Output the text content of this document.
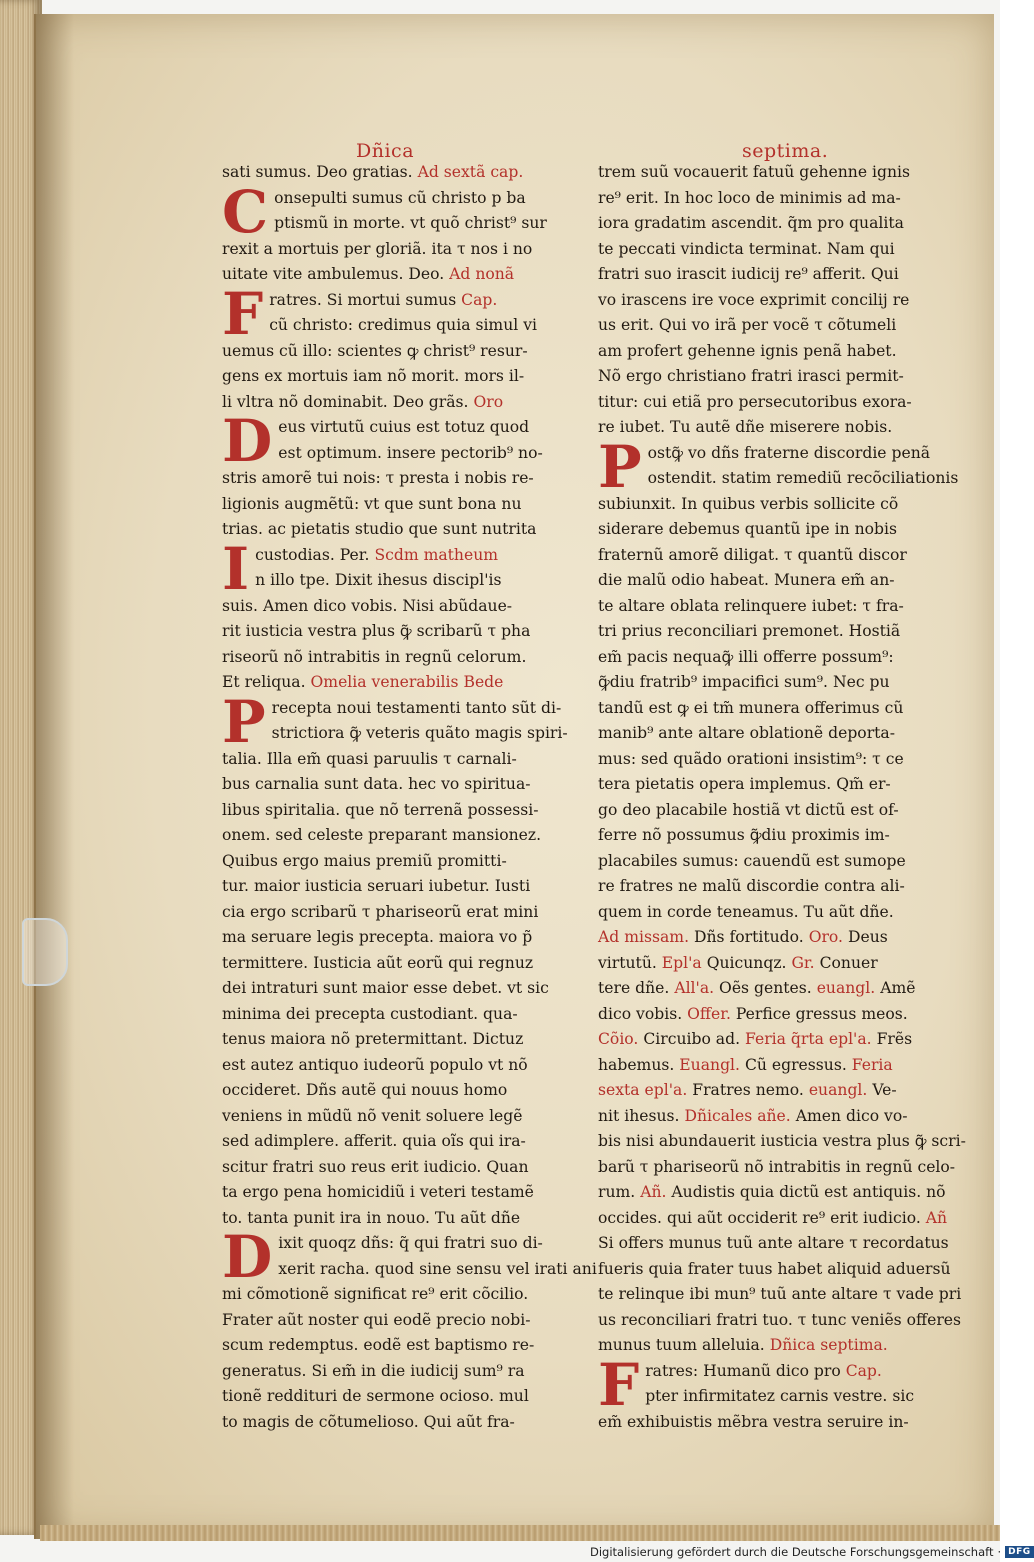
Dñica	septima.
sati sumus. Deo gratias. Ad sextã cap.
Consepulti sumus cũ christo p ba
ptismũ in morte. vt quõ christ⁹ sur
rexit a mortuis per gloriã. ita τ nos i no
uitate vite ambulemus. Deo. Ad nonã
Fratres. Si mortui sumus Cap.
cũ christo: credimus quia simul vi
uemus cũ illo: scientes ꝙ christ⁹ resur-
gens ex mortuis iam nõ morit. mors il-
li vltra nõ dominabit. Deo grãs. Oro
Deus virtutũ cuius est totuz quod
est optimum. insere pectorib⁹ no-
stris amorẽ tui nois: τ presta i nobis re-
ligionis augmẽtũ: vt que sunt bona nu
trias. ac pietatis studio que sunt nutrita
Icustodias. Per. Scdm matheum
n illo tpe. Dixit ihesus discipl'is
suis. Amen dico vobis. Nisi abũdaue-
rit iusticia vestra plus ꝙ̃ scribarũ τ pha
riseorũ nõ intrabitis in regnũ celorum.
Et reliqua. Omelia venerabilis Bede
Precepta noui testamenti tanto sũt di-
strictiora ꝙ̃ veteris quãto magis spiri-
talia. Illa em̃ quasi paruulis τ carnali-
bus carnalia sunt data. hec vo spiritua-
libus spiritalia. que nõ terrenã possessi-
onem. sed celeste preparant mansionez.
Quibus ergo maius premiũ promitti-
tur. maior iusticia seruari iubetur. Iusti
cia ergo scribarũ τ phariseorũ erat mini
ma seruare legis precepta. maiora vo p̃
termittere. Iusticia aũt eorũ qui regnuz
dei intraturi sunt maior esse debet. vt sic
minima dei precepta custodiant. qua-
tenus maiora nõ pretermittant. Dictuz
est autez antiquo iudeorũ populo vt nõ
occideret. Dñs autẽ qui nouus homo
veniens in mũdũ nõ venit soluere legẽ
sed adimplere. afferit. quia oĩs qui ira-
scitur fratri suo reus erit iudicio. Quan
ta ergo pena homicidiũ i veteri testamẽ
to. tanta punit ira in nouo. Tu aũt dñe
Dixit quoqz dñs: q̃ qui fratri suo di-
xerit racha. quod sine sensu vel irati ani
mi cõmotionẽ significat re⁹ erit cõcilio.
Frater aũt noster qui eodẽ precio nobi-
scum redemptus. eodẽ est baptismo re-
generatus. Si em̃ in die iudicij sum⁹ ra
tionẽ reddituri de sermone ocioso. mul
to magis de cõtumelioso. Qui aũt fra-
trem suũ vocauerit fatuũ gehenne ignis
re⁹ erit. In hoc loco de minimis ad ma-
iora gradatim ascendit. q̃m pro qualita
te peccati vindicta terminat. Nam qui
fratri suo irascit iudicij re⁹ afferit. Qui
vo irascens ire voce exprimit concilij re
us erit. Qui vo irã per vocẽ τ cõtumeli
am profert gehenne ignis penã habet.
Nõ ergo christiano fratri irasci permit-
titur: cui etiã pro persecutoribus exora-
re iubet. Tu autẽ dñe miserere nobis.
Postꝙ̃ vo dñs fraterne discordie penã
ostendit. statim remediũ recõciliationis
subiunxit. In quibus verbis sollicite cõ
siderare debemus quantũ ipe in nobis
fraternũ amorẽ diligat. τ quantũ discor
die malũ odio habeat. Munera em̃ an-
te altare oblata relinquere iubet: τ fra-
tri prius reconciliari premonet. Hostiã
em̃ pacis nequaꝙ̃ illi offerre possum⁹:
ꝙ̃diu fratrib⁹ impacifici sum⁹. Nec pu
tandũ est ꝙ ei tm̃ munera offerimus cũ
manib⁹ ante altare oblationẽ deporta-
mus: sed quãdo orationi insistim⁹: τ ce
tera pietatis opera implemus. Qm̃ er-
go deo placabile hostiã vt dictũ est of-
ferre nõ possumus ꝙ̃diu proximis im-
placabiles sumus: cauendũ est sumope
re fratres ne malũ discordie contra ali-
quem in corde teneamus. Tu aũt dñe.
Ad missam. Dñs fortitudo. Oro. Deus
virtutũ. Epl'a Quicunqz. Gr. Conuer
tere dñe. All'a. Oẽs gentes. euangl. Amẽ
dico vobis. Offer. Perfice gressus meos.
Cõio. Circuibo ad. Feria q̃rta epl'a. Frẽs
habemus. Euangl. Cũ egressus. Feria
sexta epl'a. Fratres nemo. euangl. Ve-
nit ihesus. Dñicales añe. Amen dico vo-
bis nisi abundauerit iusticia vestra plus ꝙ̃ scri-
barũ τ phariseorũ nõ intrabitis in regnũ celo-
rum. Añ. Audistis quia dictũ est antiquis. nõ
occides. qui aũt occiderit re⁹ erit iudicio. Añ
Si offers munus tuũ ante altare τ recordatus
fueris quia frater tuus habet aliquid aduersũ
te relinque ibi mun⁹ tuũ ante altare τ vade pri
us reconciliari fratri tuo. τ tunc veniẽs offeres
munus tuum alleluia. Dñica septima.
Fratres: Humanũ dico pro Cap.
pter infirmitatez carnis vestre. sic
em̃ exhibuistis mẽbra vestra seruire in-
Digitalisierung gefördert durch die Deutsche Forschungsgemeinschaft · DFG
